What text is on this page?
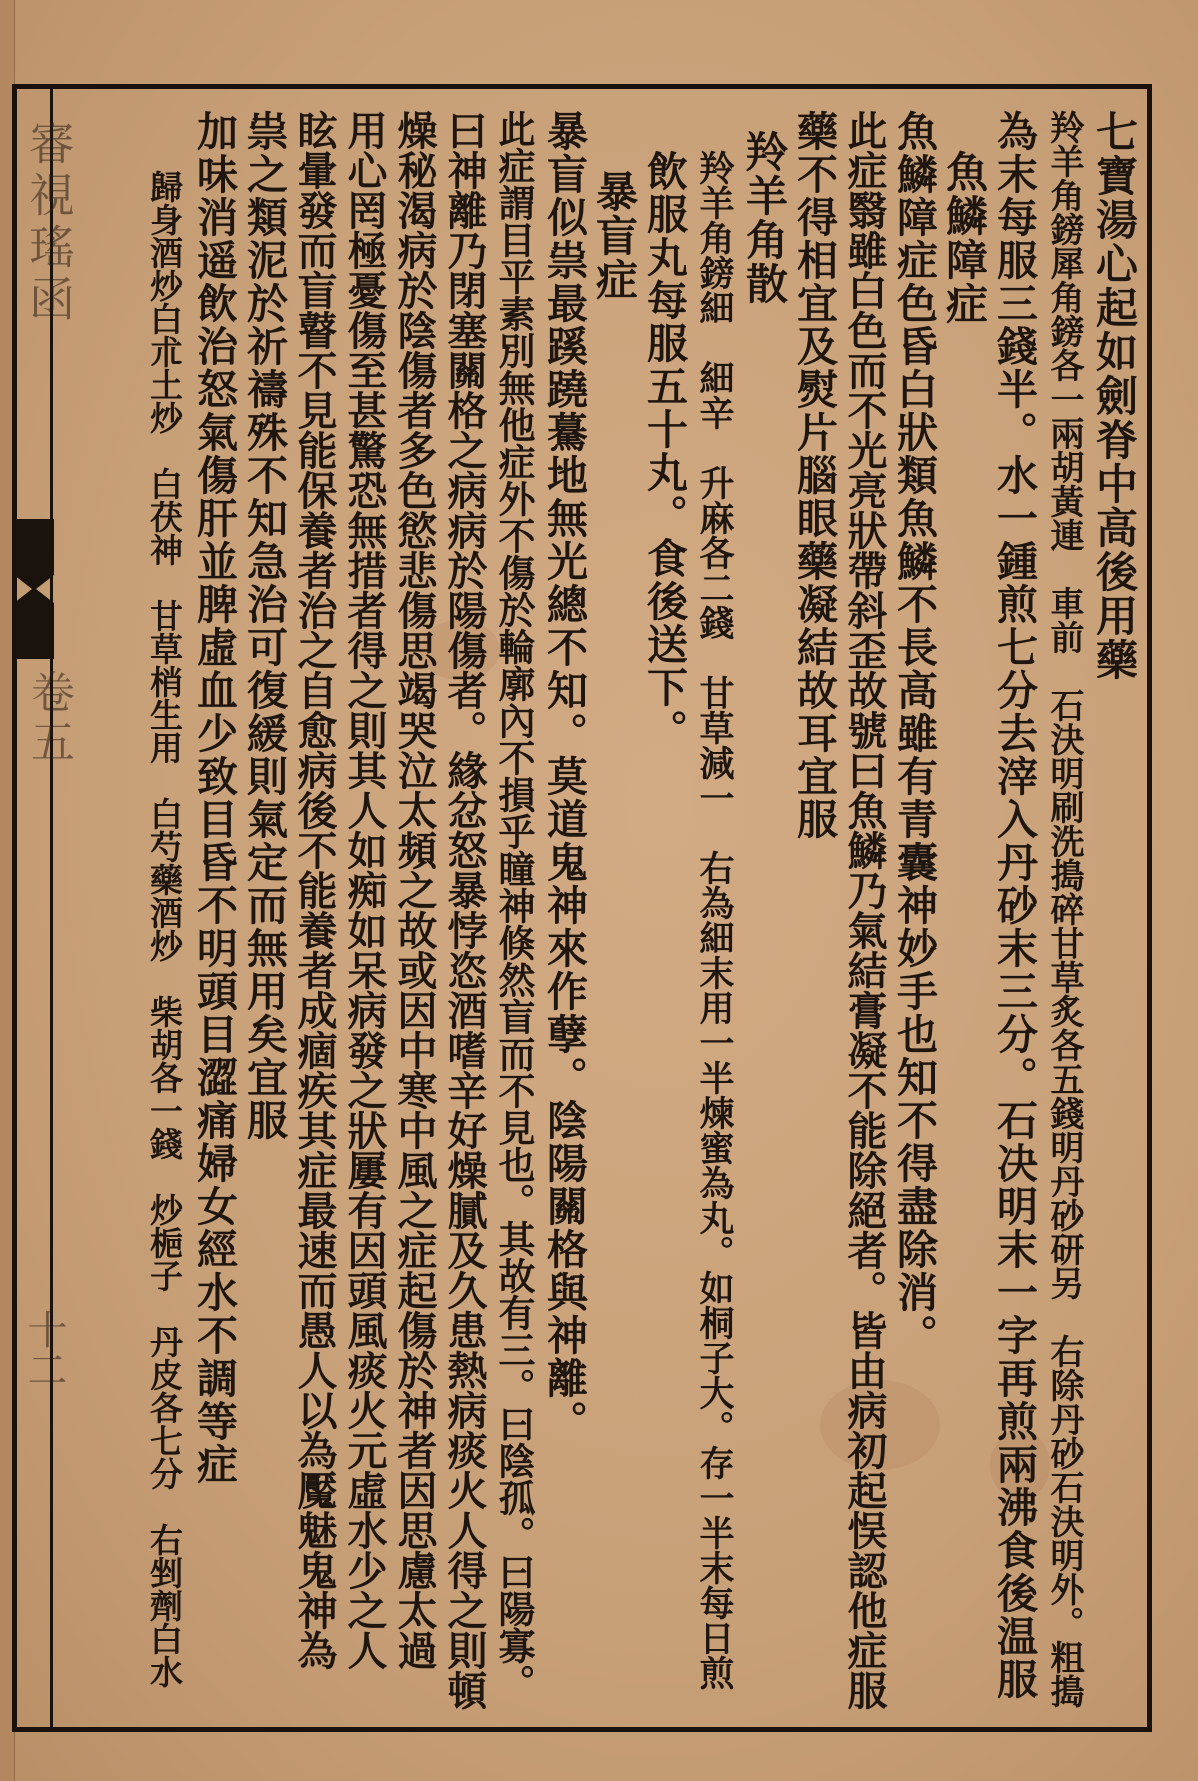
審視瑤函
卷五
十二
七寶湯心起如劍脊中高後用藥
羚羊角鎊犀角鎊各一兩胡黃連　車前　石決明刷洗搗碎甘草炙各五錢明丹砂研另　右除丹砂石決明外。粗搗
為末每服三錢半。水一鍾煎七分去滓入丹砂末三分。石决明末一字再煎兩沸食後温服
魚鱗障症
魚鱗障症色昏白狀類魚鱗不長高雖有青囊神妙手也知不得盡除消。
此症翳雖白色而不光亮狀帶斜歪故號曰魚鱗乃氣結膏凝不能除絕者。皆由病初起悮認他症服
藥不得相宜及熨片腦眼藥凝結故耳宜服
羚羊角散
羚羊角鎊細　細辛　升麻各二錢　甘草減一　右為細末用一半煉蜜為丸。如桐子大。存一半末每日煎
飲服丸每服五十丸。食後送下。
暴盲症
暴盲似祟最蹊蹺驀地無光總不知。莫道鬼神來作孽。陰陽關格與神離。
此症謂目平素別無他症外不傷於輪廓內不損乎瞳神倏然盲而不見也。其故有三。曰陰孤。曰陽寡。
曰神離乃閉塞關格之病病於陽傷者。緣忿怒暴悖恣酒嗜辛好燥膩及久患熱病痰火人得之則頓
燥秘渴病於陰傷者多色慾悲傷思竭哭泣太頻之故或因中寒中風之症起傷於神者因思慮太過
用心罔極憂傷至甚驚恐無措者得之則其人如痴如呆病發之狀屢有因頭風痰火元虛水少之人
眩暈發而盲瞽不見能保養者治之自愈病後不能養者成痼疾其症最速而愚人以為魘魅鬼神為
祟之類泥於祈禱殊不知急治可復緩則氣定而無用矣宜服
加味消遥飲治怒氣傷肝並脾虛血少致目昏不明頭目澀痛婦女經水不調等症
歸身酒炒白朮土炒　白茯神　甘草梢生用　白芍藥酒炒　柴胡各一錢　炒梔子　丹皮各七分　右剉劑白水
